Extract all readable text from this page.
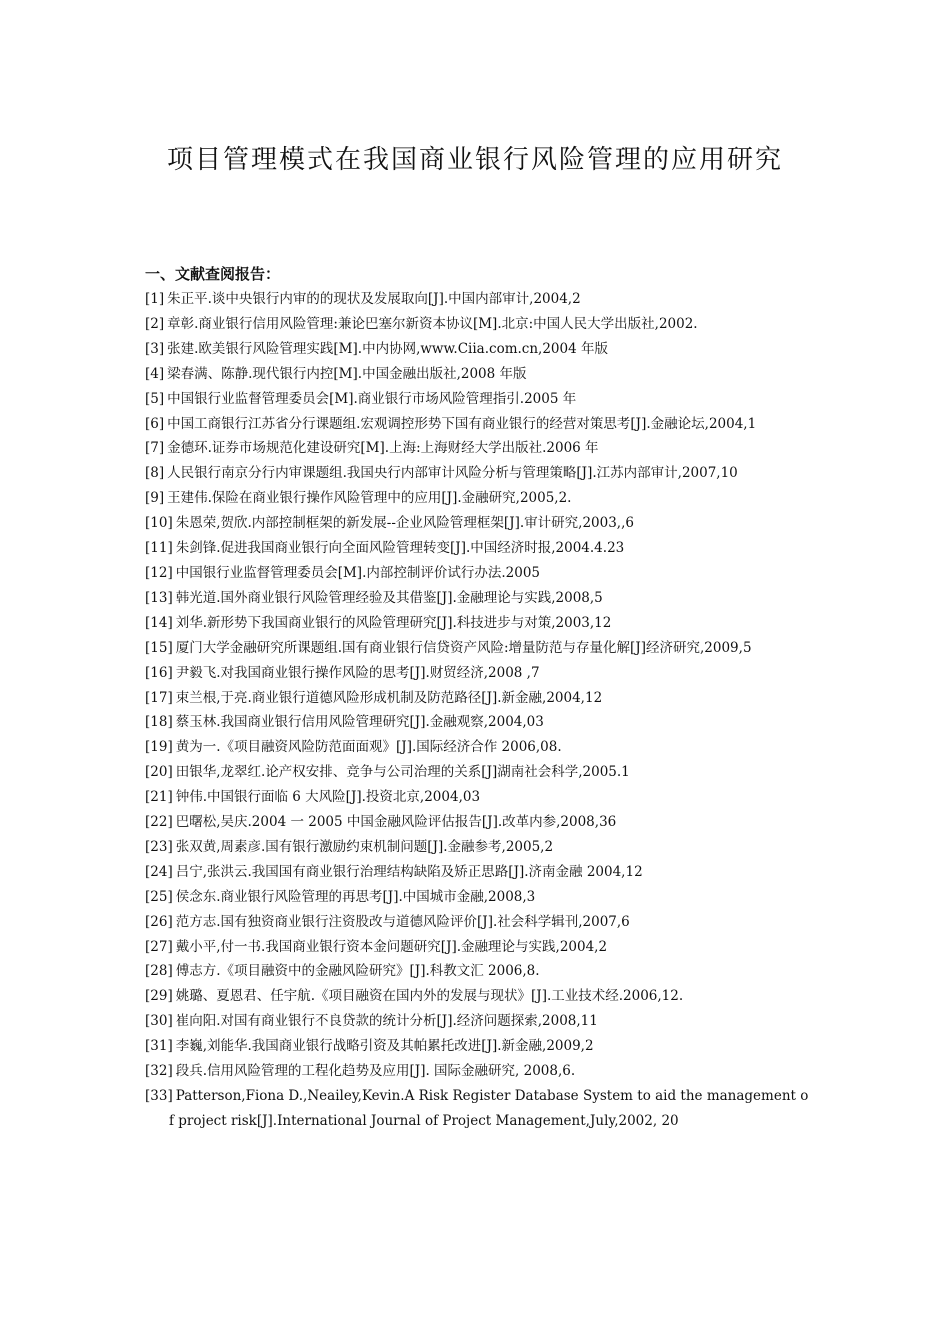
项目管理模式在我国商业银行风险管理的应用研究
一、文献查阅报告：
[1] 朱正平.谈中央银行内审的的现状及发展取向[J].中国内部审计,2004,2
[2] 章彰.商业银行信用风险管理:兼论巴塞尔新资本协议[M].北京:中国人民大学出版社,2002.
[3] 张建.欧美银行风险管理实践[M].中内协网,www.Ciia.com.cn,2004 年版
[4] 梁春满、陈静.现代银行内控[M].中国金融出版社,2008 年版
[5] 中国银行业监督管理委员会[M].商业银行市场风险管理指引.2005 年
[6] 中国工商银行江苏省分行课题组.宏观调控形势下国有商业银行的经营对策思考[J].金融论坛,2004,1
[7] 金德环.证券市场规范化建设研究[M].上海:上海财经大学出版社.2006 年
[8] 人民银行南京分行内审课题组.我国央行内部审计风险分析与管理策略[J].江苏内部审计,2007,10
[9] 王建伟.保险在商业银行操作风险管理中的应用[J].金融研究,2005,2.
[10] 朱恩荣,贺欣.内部控制框架的新发展--企业风险管理框架[J].审计研究,2003,,6
[11] 朱剑锋.促进我国商业银行向全面风险管理转变[J].中国经济时报,2004.4.23
[12] 中国银行业监督管理委员会[M].内部控制评价试行办法.2005
[13] 韩光道.国外商业银行风险管理经验及其借鉴[J].金融理论与实践,2008,5
[14] 刘华.新形势下我国商业银行的风险管理研究[J].科技进步与对策,2003,12
[15] 厦门大学金融研究所课题组.国有商业银行信贷资产风险:增量防范与存量化解[J]经济研究,2009,5
[16] 尹毅飞.对我国商业银行操作风险的思考[J].财贸经济,2008 ,7
[17] 束兰根,于亮.商业银行道德风险形成机制及防范路径[J].新金融,2004,12
[18] 蔡玉林.我国商业银行信用风险管理研究[J].金融观察,2004,03
[19] 黄为一.《项目融资风险防范面面观》[J].国际经济合作 2006,08.
[20] 田银华,龙翠红.论产权安排、竞争与公司治理的关系[J]湖南社会科学,2005.1
[21] 钟伟.中国银行面临 6 大风险[J].投资北京,2004,03
[22] 巴曙松,吴庆.2004 一 2005 中国金融风险评估报告[J].改革内参,2008,36
[23] 张双黄,周素彦.国有银行激励约束机制问题[J].金融参考,2005,2
[24] 吕宁,张洪云.我国国有商业银行治理结构缺陷及矫正思路[J].济南金融 2004,12
[25] 侯念东.商业银行风险管理的再思考[J].中国城市金融,2008,3
[26] 范方志.国有独资商业银行注资股改与道德风险评价[J].社会科学辑刊,2007,6
[27] 戴小平,付一书.我国商业银行资本金问题研究[J].金融理论与实践,2004,2
[28] 傅志方.《项目融资中的金融风险研究》[J].科教文汇 2006,8.
[29] 姚璐、夏恩君、任宇航.《项目融资在国内外的发展与现状》[J].工业技术经.2006,12.
[30] 崔向阳.对国有商业银行不良贷款的统计分析[J].经济问题探索,2008,11
[31] 李巍,刘能华.我国商业银行战略引资及其帕累托改进[J].新金融,2009,2
[32] 段兵.信用风险管理的工程化趋势及应用[J]. 国际金融研究, 2008,6.
[33] Patterson,Fiona D.,Neailey,Kevin.A Risk Register Database System to aid the management of project risk[J].International Journal of Project Management,July,2002, 20
